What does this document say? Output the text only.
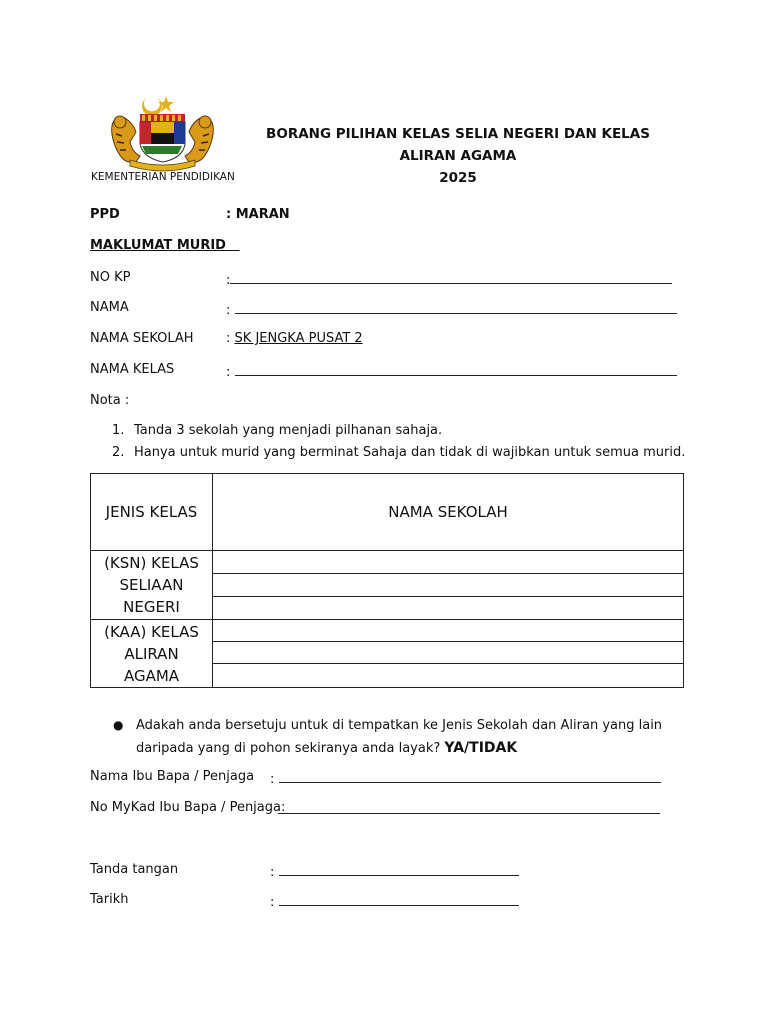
KEMENTERIAN PENDIDIKAN
BORANG PILIHAN KELAS SELIA NEGERI DAN KELAS ALIRAN AGAMA
2025
PPD	: MARAN
MAKLUMAT MURID
NO KP	:
NAMA	:
NAMA SEKOLAH : SK JENGKA PUSAT 2
NAMA KELAS	:
Nota :
1. Tanda 3 sekolah yang menjadi pilhanan sahaja.
2. Hanya untuk murid yang berminat Sahaja dan tidak di wajibkan untuk semua murid.
JENIS KELAS	NAMA SEKOLAH

(KSN) KELAS SELIAAN NEGERI	

(KAA) KELAS ALIRAN AGAMA	

● Adakah anda bersetuju untuk di tempatkan ke Jenis Sekolah dan Aliran yang lain
daripada yang di pohon sekiranya anda layak? YA/TIDAK
Nama Ibu Bapa / Penjaga :
No MyKad Ibu Bapa / Penjaga:
Tanda tangan	:
Tarikh	:
